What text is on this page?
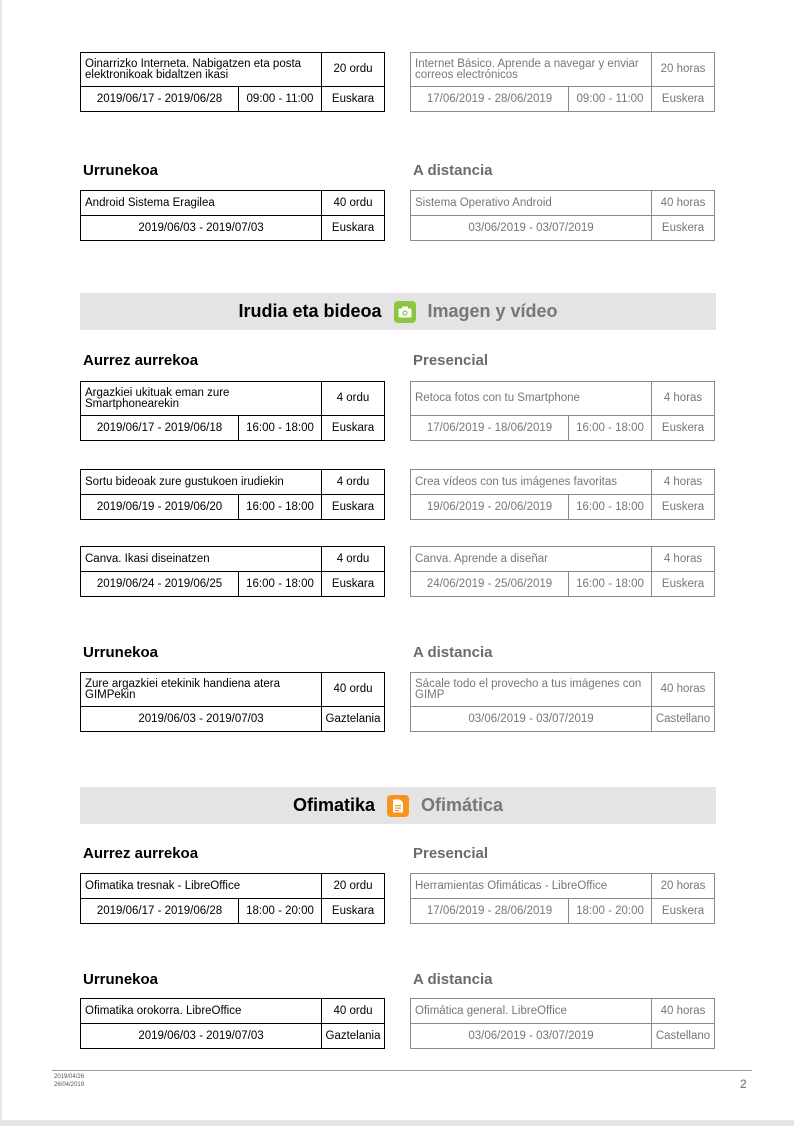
Oinarrizko Interneta. Nabigatzen eta posta elektronikoak bidaltzen ikasi		20 ordu
2019/06/17 - 2019/06/28	09:00 - 11:00	Euskara
Internet Básico. Aprende a navegar y enviar correos electrónicos		20 horas
17/06/2019 - 28/06/2019	09:00 - 11:00	Euskera
Urrunekoa	A distancia
Android Sistema Eragilea	40 ordu
2019/06/03 - 2019/07/03	Euskara
Sistema Operativo Android	40 horas
03/06/2019 - 03/07/2019	Euskera
Irudia eta bideoa	Imagen y vídeo
Aurrez aurrekoa	Presencial
Argazkiei ukituak eman zure Smartphonearekin		4 ordu
2019/06/17 - 2019/06/18	16:00 - 18:00	Euskara
Retoca fotos con tu Smartphone		4 horas
17/06/2019 - 18/06/2019	16:00 - 18:00	Euskera
Sortu bideoak zure gustukoen irudiekin		4 ordu
2019/06/19 - 2019/06/20	16:00 - 18:00	Euskara
Crea vídeos con tus imágenes favoritas		4 horas
19/06/2019 - 20/06/2019	16:00 - 18:00	Euskera
Canva. Ikasi diseinatzen		4 ordu
2019/06/24 - 2019/06/25	16:00 - 18:00	Euskara
Canva. Aprende a diseñar		4 horas
24/06/2019 - 25/06/2019	16:00 - 18:00	Euskera
Urrunekoa	A distancia
Zure argazkiei etekinik handiena atera GIMPekin	40 ordu
2019/06/03 - 2019/07/03	Gaztelania
Sácale todo el provecho a tus imágenes con GIMP	40 horas
03/06/2019 - 03/07/2019	Castellano
Ofimatika	Ofimática
Aurrez aurrekoa	Presencial
Ofimatika tresnak - LibreOffice		20 ordu
2019/06/17 - 2019/06/28	18:00 - 20:00	Euskara
Herramientas Ofimáticas - LibreOffice		20 horas
17/06/2019 - 28/06/2019	18:00 - 20:00	Euskera
Urrunekoa	A distancia
Ofimatika orokorra. LibreOffice	40 ordu
2019/06/03 - 2019/07/03	Gaztelania
Ofimática general. LibreOffice	40 horas
03/06/2019 - 03/07/2019	Castellano
2019/04/26
26/04/2019	2
